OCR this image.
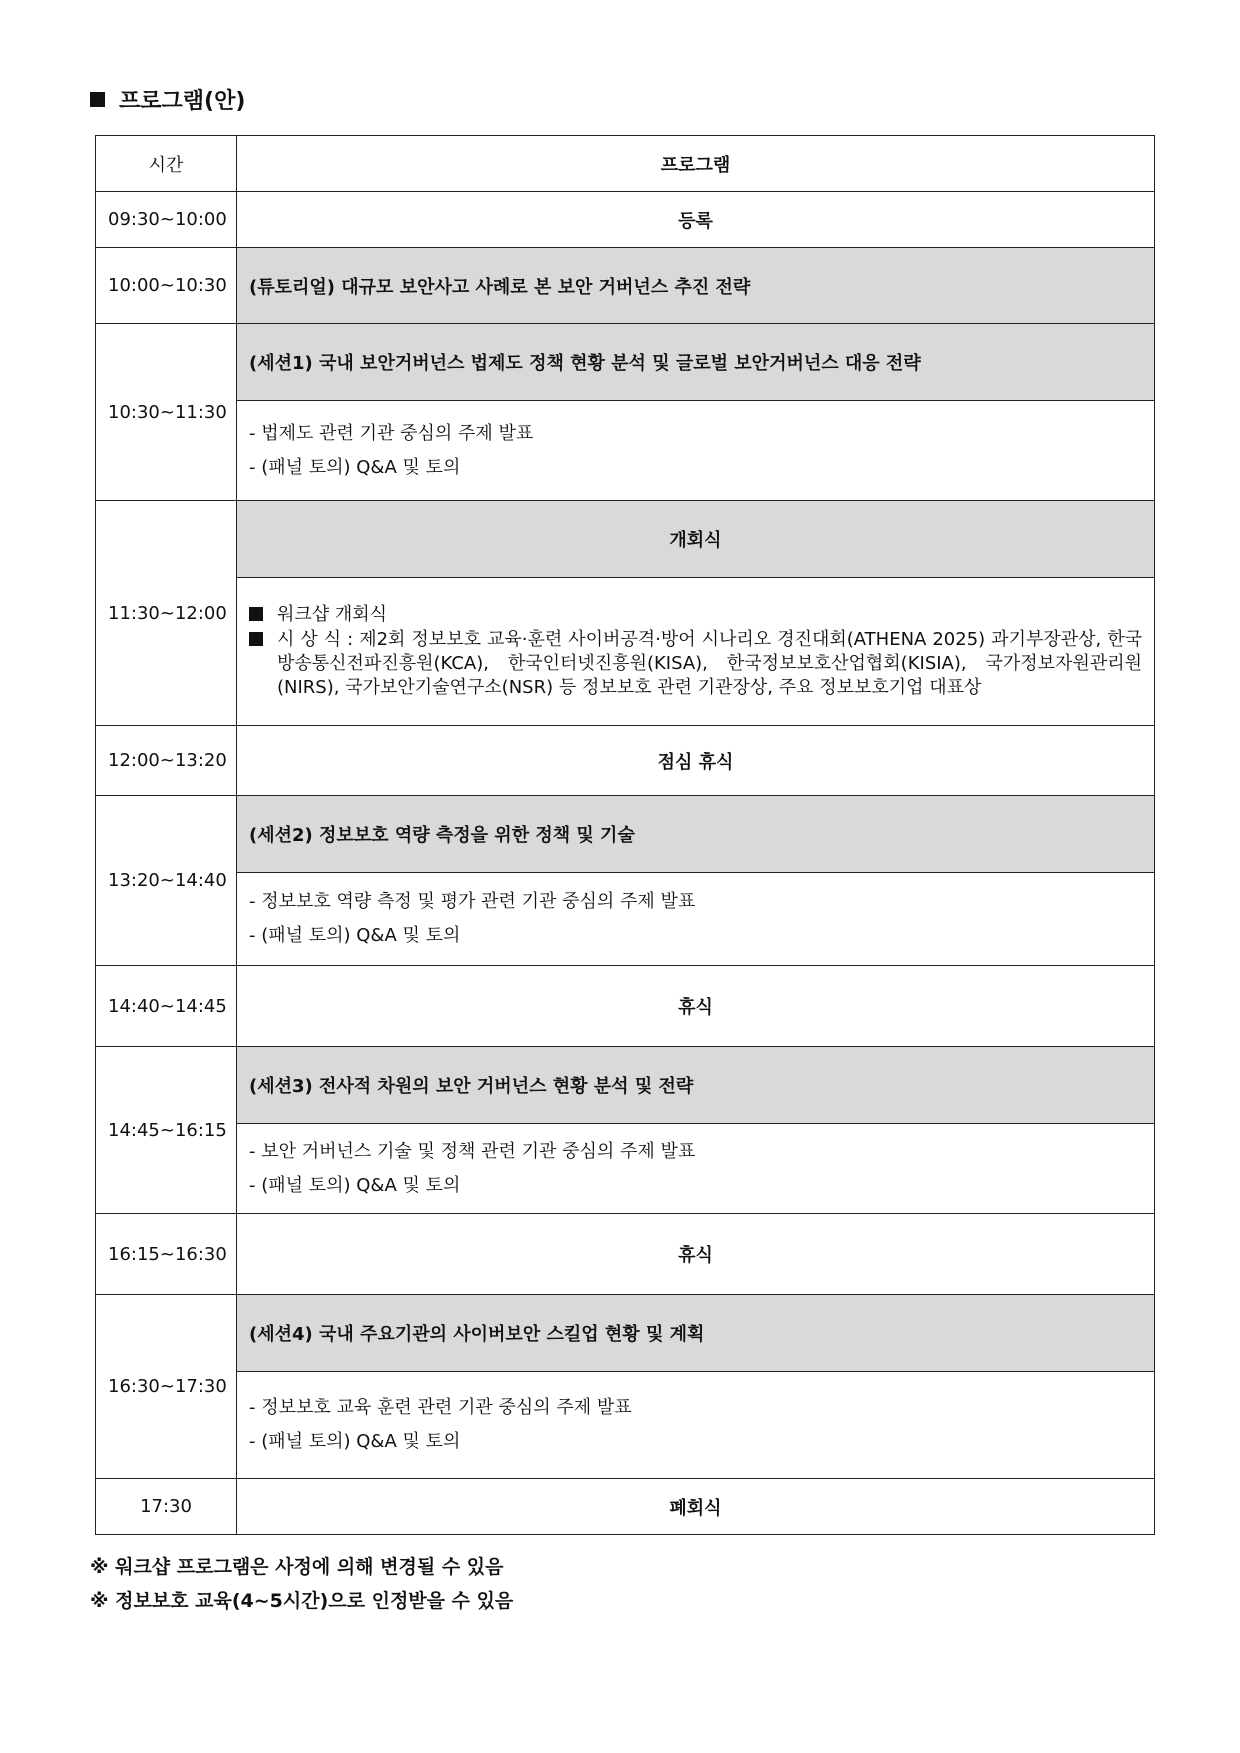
프로그램(안)
시간	프로그램
09:30~10:00	등록
10:00~10:30	(튜토리얼) 대규모 보안사고 사례로 본 보안 거버넌스 추진 전략
10:30~11:30	(세션1) 국내 보안거버넌스 법제도 정책 현황 분석 및 글로벌 보안거버넌스 대응 전략

	- 법제도 관련 기관 중심의 주제 발표
- (패널 토의) Q&A 및 토의

11:30~12:00	개회식

	워크샵 개회식
시 상 식 : 제2회 정보보호 교육·훈련 사이버공격·방어 시나리오 경진대회(ATHENA 2025) 과기부장관상, 한국방송통신전파진흥원(KCA), 한국인터넷진흥원(KISA), 한국정보보호산업협회(KISIA), 국가정보자원관리원(NIRS), 국가보안기술연구소(NSR) 등 정보보호 관련 기관장상, 주요 정보보호기업 대표상

12:00~13:20	점심 휴식
13:20~14:40	(세션2) 정보보호 역량 측정을 위한 정책 및 기술

	- 정보보호 역량 측정 및 평가 관련 기관 중심의 주제 발표
- (패널 토의) Q&A 및 토의

14:40~14:45	휴식
14:45~16:15	(세션3) 전사적 차원의 보안 거버넌스 현황 분석 및 전략

	- 보안 거버넌스 기술 및 정책 관련 기관 중심의 주제 발표
- (패널 토의) Q&A 및 토의

16:15~16:30	휴식
16:30~17:30	(세션4) 국내 주요기관의 사이버보안 스킬업 현황 및 계획

	- 정보보호 교육 훈련 관련 기관 중심의 주제 발표
- (패널 토의) Q&A 및 토의

17:30	폐회식
※ 워크샵 프로그램은 사정에 의해 변경될 수 있음
※ 정보보호 교육(4~5시간)으로 인정받을 수 있음
